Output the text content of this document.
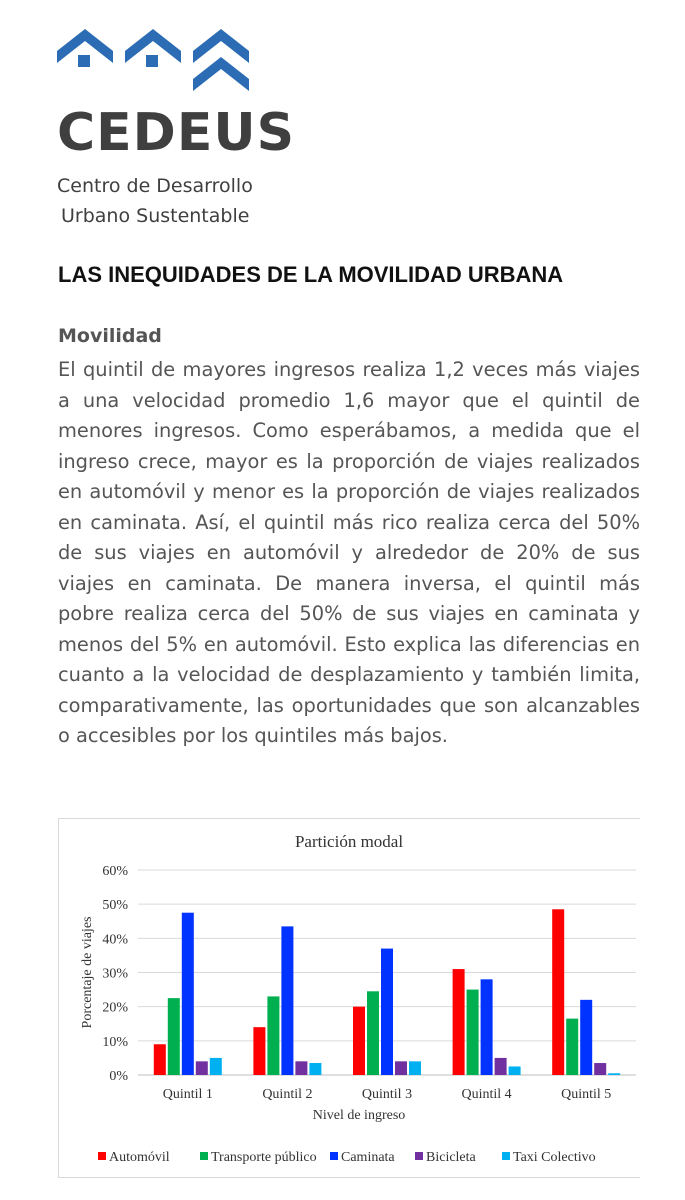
CEDEUS
Centro de Desarrollo
Urbano Sustentable
LAS INEQUIDADES DE LA MOVILIDAD URBANA
Movilidad
El quintil de mayores ingresos realiza 1,2 veces más viajes a una velocidad promedio 1,6 mayor que el quintil de menores ingresos. Como esperábamos, a medida que el ingreso crece, mayor es la proporción de viajes realizados en automóvil y menor es la proporción de viajes realizados en caminata. Así, el quintil más rico realiza cerca del 50% de sus viajes en automóvil y alrededor de 20% de sus viajes en caminata. De manera inversa, el quintil más pobre realiza cerca del 50% de sus viajes en caminata y menos del 5% en automóvil. Esto explica las diferencias en cuanto a la velocidad de desplazamiento y también limita, comparativamente, las oportunidades que son alcanzables o accesibles por los quintiles más bajos.
Partición modal
0%
10%
20%
30%
40%
50%
60%
Porcentaje de viajes
Quintil 1	Quintil 2	Quintil 3	Quintil 4	Quintil 5
Nivel de ingreso
Automóvil	Transporte público Caminata Bicicleta	Taxi Colectivo
